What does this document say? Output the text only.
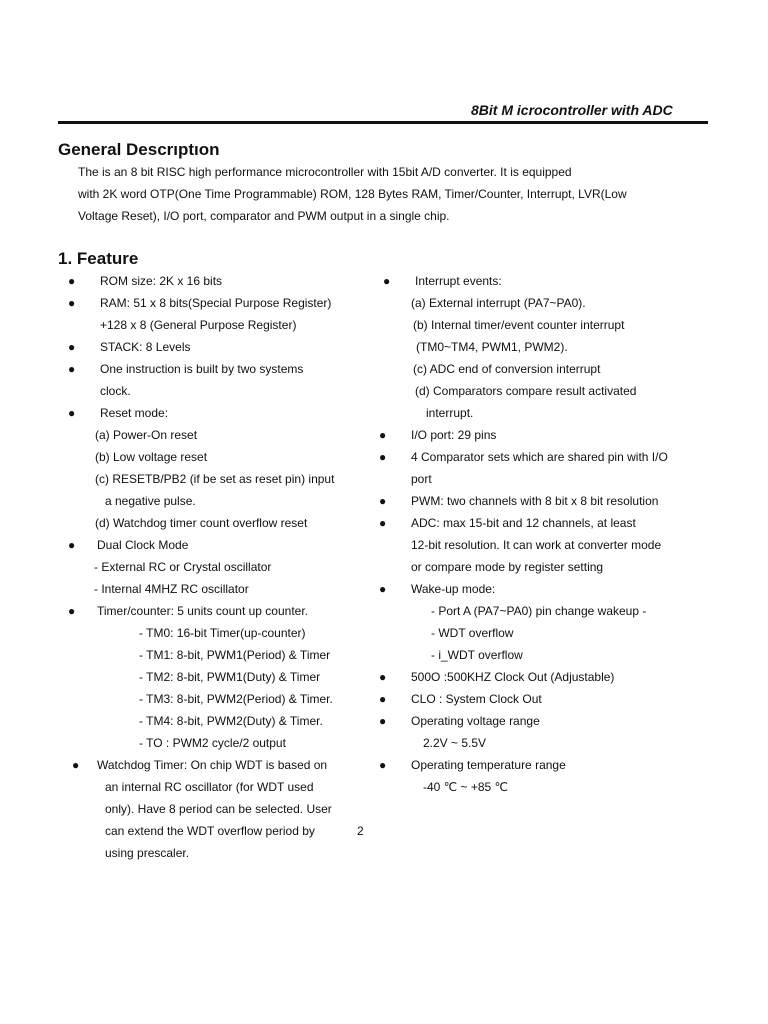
8Bit M icrocontroller with ADC
General Descrıptıon
The is an 8 bit RISC high performance microcontroller with 15bit A/D converter. It is equipped
with 2K word OTP(One Time Programmable) ROM, 128 Bytes RAM, Timer/Counter, Interrupt, LVR(Low
Voltage Reset), I/O port, comparator and PWM output in a single chip.
1. Feature
● ROM size: 2K x 16 bits
● RAM: 51 x 8 bits(Special Purpose Register)
+128 x 8 (General Purpose Register)
● STACK: 8 Levels
● One instruction is built by two systems
clock.
● Reset mode:
(a) Power-On reset
(b) Low voltage reset
(c) RESETB/PB2 (if be set as reset pin) input
a negative pulse.
(d) Watchdog timer count overflow reset
● Dual Clock Mode
- External RC or Crystal oscillator
- Internal 4MHZ RC oscillator
● Timer/counter: 5 units count up counter.
- TM0: 16-bit Timer(up-counter)
- TM1: 8-bit, PWM1(Period) & Timer
- TM2: 8-bit, PWM1(Duty) & Timer
- TM3: 8-bit, PWM2(Period) & Timer.
- TM4: 8-bit, PWM2(Duty) & Timer.
- TO : PWM2 cycle/2 output
● Watchdog Timer: On chip WDT is based on
an internal RC oscillator (for WDT used
only). Have 8 period can be selected. User
can extend the WDT overflow period by	2
using prescaler.
● Interrupt events:
(a) External interrupt (PA7~PA0).
(b) Internal timer/event counter interrupt
(TM0~TM4, PWM1, PWM2).
(c) ADC end of conversion interrupt
(d) Comparators compare result activated
interrupt.
● I/O port: 29 pins
● 4 Comparator sets which are shared pin with I/O
port
● PWM: two channels with 8 bit x 8 bit resolution
● ADC: max 15-bit and 12 channels, at least
12-bit resolution. It can work at converter mode
or compare mode by register setting
● Wake-up mode:
- Port A (PA7~PA0) pin change wakeup -
- WDT overflow
- i_WDT overflow
● 500O :500KHZ Clock Out (Adjustable)
● CLO : System Clock Out
● Operating voltage range
2.2V ~ 5.5V
● Operating temperature range
-40 ℃ ~ +85 ℃
